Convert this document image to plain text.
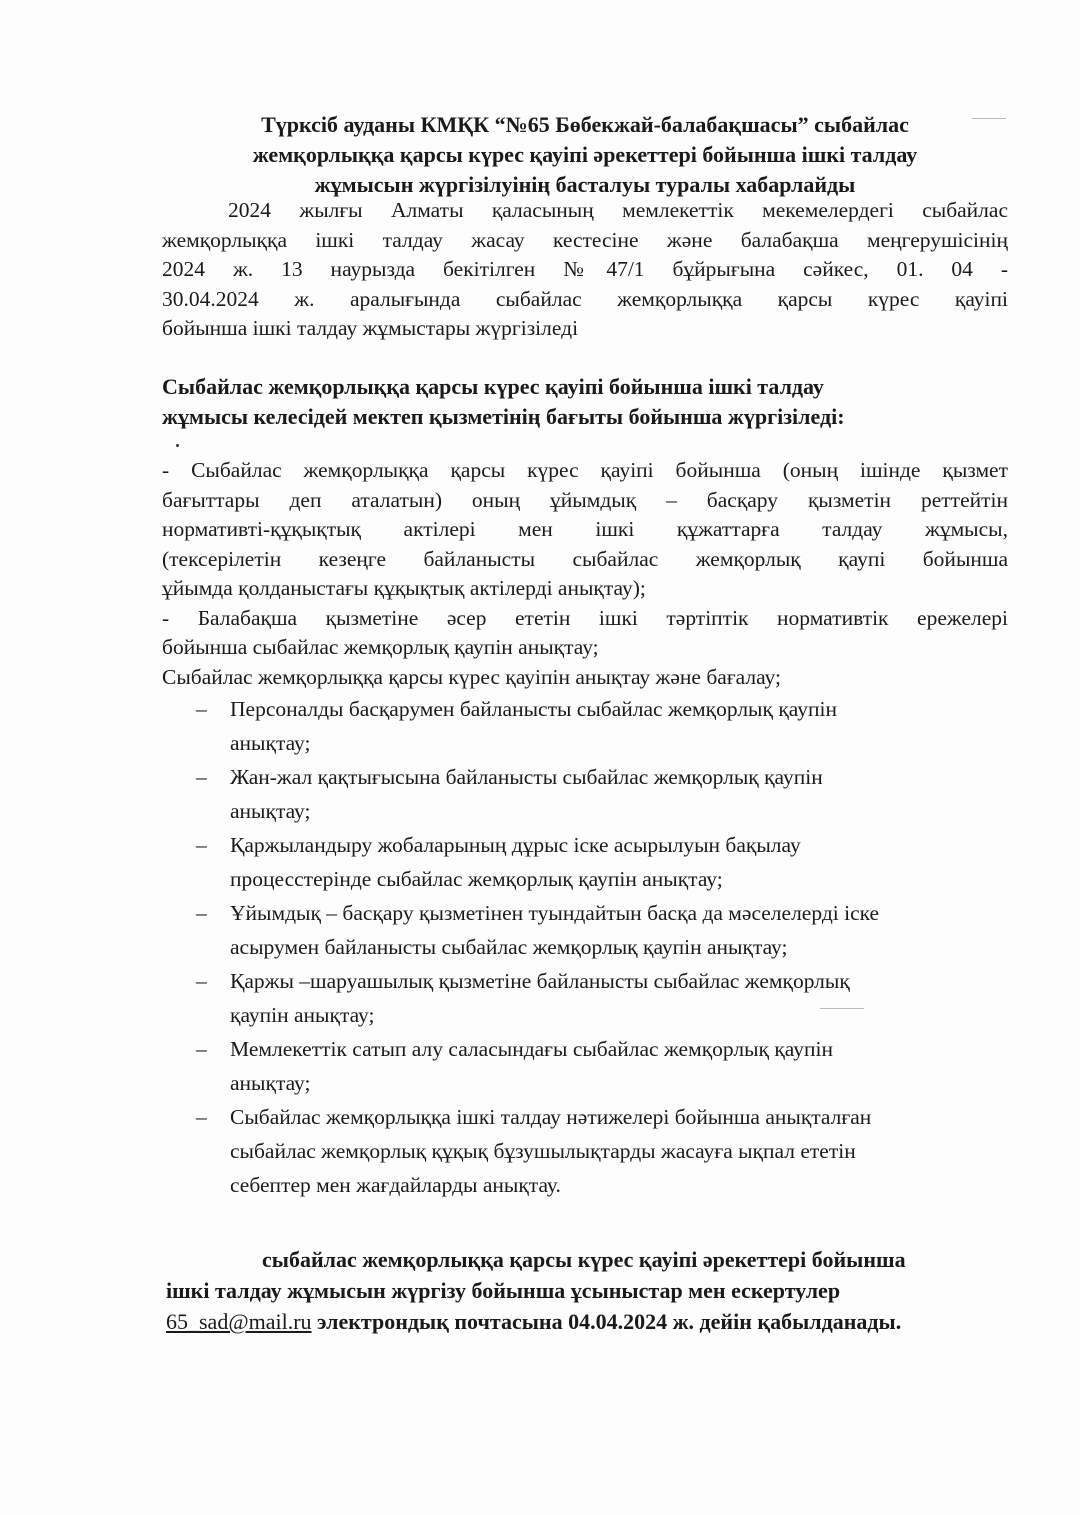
Түрксіб ауданы КМҚК “№65 Бөбекжай-балабақшасы” сыбайлас
жемқорлыққа қарсы күрес қауіпі әрекеттері бойынша ішкі талдау
жұмысын жүргізілуінің басталуы туралы хабарлайды

2024 жылғы Алматы қаласының мемлекеттік мекемелердегі сыбайлас
жемқорлыққа ішкі талдау жасау кестесіне және балабақша меңгерушісінің
2024 ж. 13 наурызда бекітілген №47/1 бұйрығына сәйкес, 01. 04 -
30.04.2024 ж. аралығында сыбайлас жемқорлыққа қарсы күрес қауіпі
бойынша ішкі талдау жұмыстары жүргізіледі

Сыбайлас жемқорлыққа қарсы күрес қауіпі бойынша ішкі талдау
жұмысы келесідей мектеп қызметінің бағыты бойынша жүргізіледі:
- Сыбайлас жемқорлыққа қарсы күрес қауіпі бойынша (оның ішінде қызмет
бағыттары деп аталатын) оның ұйымдық – басқару қызметін реттейтін
нормативті-құқықтық актілері мен ішкі құжаттарға талдау жұмысы,
(тексерілетін кезеңге байланысты сыбайлас жемқорлық қаупі бойынша
ұйымда қолданыстағы құқықтық актілерді анықтау);
- Балабақша қызметіне әсер ететін ішкі тәртіптік нормативтік ережелері
бойынша сыбайлас жемқорлық қаупін анықтау;
Сыбайлас жемқорлыққа қарсы күрес қауіпін анықтау және бағалау;
– Персоналды басқарумен байланысты сыбайлас жемқорлық қаупін
анықтау;
– Жан-жал қақтығысына байланысты сыбайлас жемқорлық қаупін
анықтау;
– Қаржыландыру жобаларының дұрыс іске асырылуын бақылау
процесстерінде сыбайлас жемқорлық қаупін анықтау;
– Ұйымдық – басқару қызметінен туындайтын басқа да мәселелерді іске
асырумен байланысты сыбайлас жемқорлық қаупін анықтау;
– Қаржы –шаруашылық қызметіне байланысты сыбайлас жемқорлық
қаупін анықтау;
– Мемлекеттік сатып алу саласындағы сыбайлас жемқорлық қаупін
анықтау;
– Сыбайлас жемқорлыққа ішкі талдау нәтижелері бойынша анықталған
сыбайлас жемқорлық құқық бұзушылықтарды жасауға ықпал ететін
себептер мен жағдайларды анықтау.

сыбайлас жемқорлыққа қарсы күрес қауіпі әрекеттері бойынша
ішкі талдау жұмысын жүргізу бойынша ұсыныстар мен ескертулер
65_sad@mail.ru электрондық почтасына 04.04.2024 ж. дейін қабылданады.
